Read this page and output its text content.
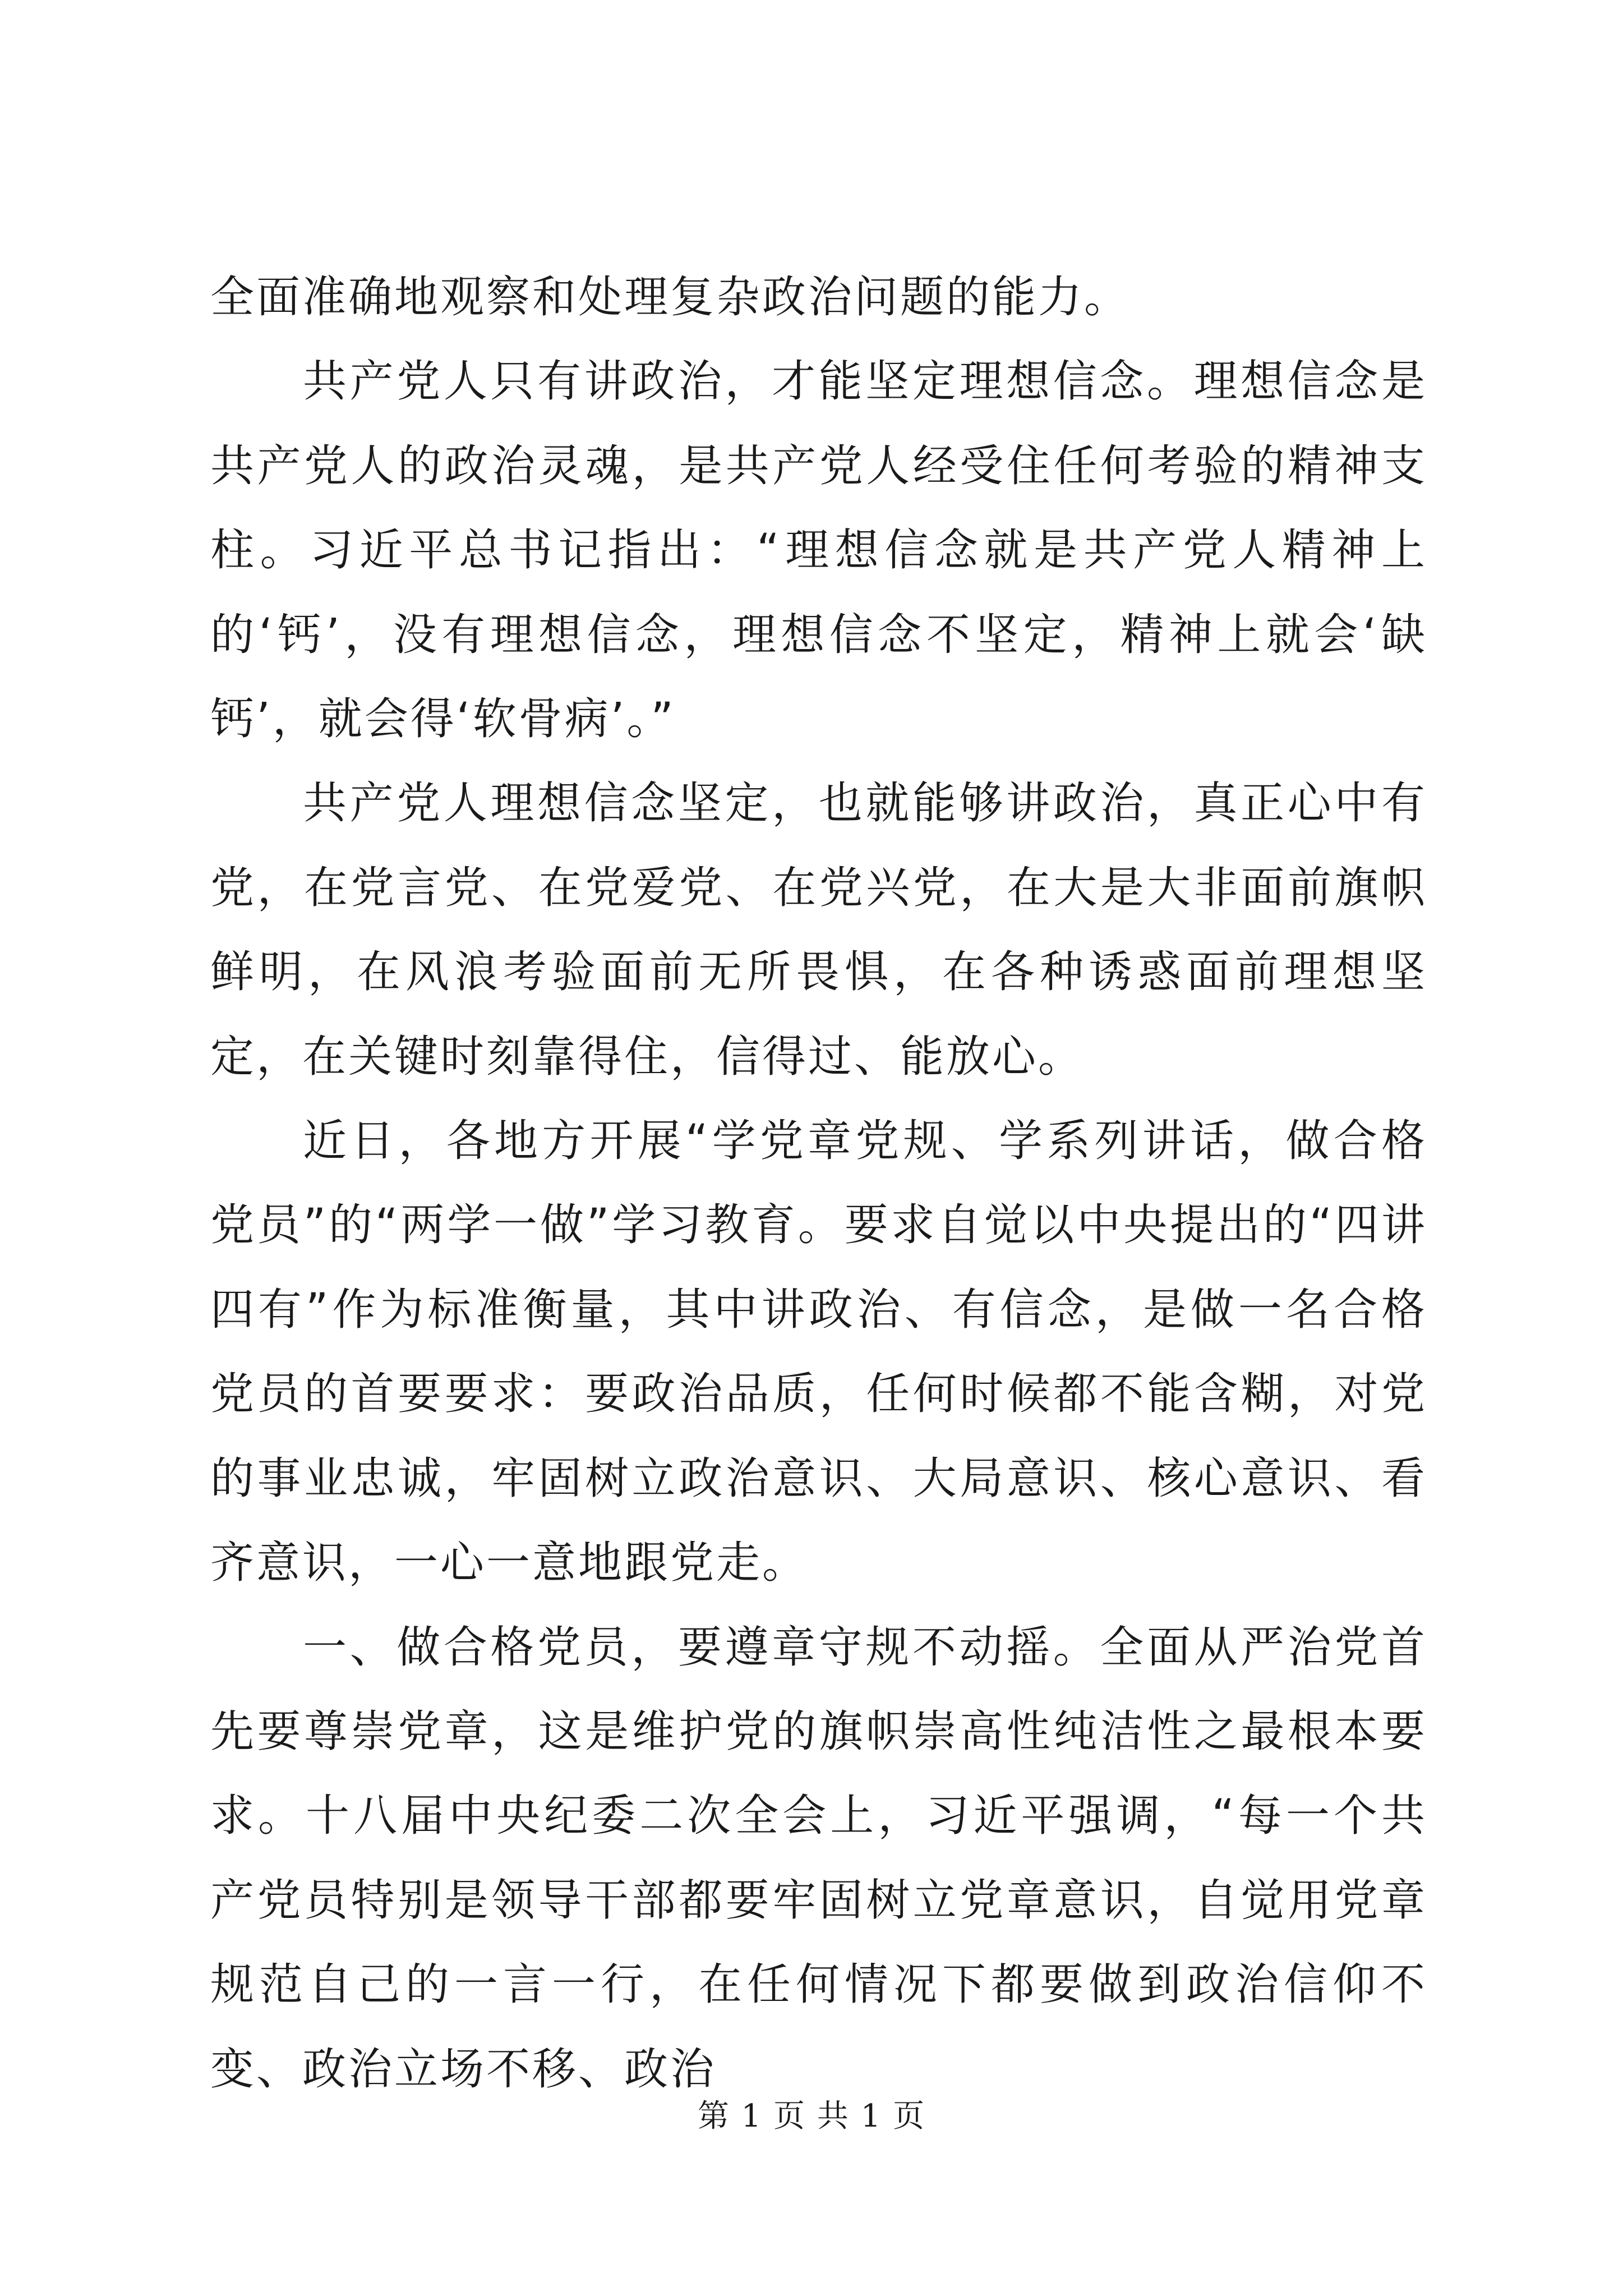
全面准确地观察和处理复杂政治问题的能力。

共产党人只有讲政治，才能坚定理想信念。理想信念是共产党人的政治灵魂，是共产党人经受住任何考验的精神支柱。习近平总书记指出：“理想信念就是共产党人精神上的‘钙’，没有理想信念，理想信念不坚定，精神上就会‘缺钙’，就会得‘软骨病’。”

共产党人理想信念坚定，也就能够讲政治，真正心中有党，在党言党、在党爱党、在党兴党，在大是大非面前旗帜鲜明，在风浪考验面前无所畏惧，在各种诱惑面前理想坚定，在关键时刻靠得住，信得过、能放心。

近日，各地方开展“学党章党规、学系列讲话，做合格党员”的“两学一做”学习教育。要求自觉以中央提出的“四讲四有”作为标准衡量，其中讲政治、有信念，是做一名合格党员的首要要求：要政治品质，任何时候都不能含糊，对党的事业忠诚，牢固树立政治意识、大局意识、核心意识、看齐意识，一心一意地跟党走。

一、做合格党员，要遵章守规不动摇。全面从严治党首先要尊崇党章，这是维护党的旗帜崇高性纯洁性之最根本要求。十八届中央纪委二次全会上，习近平强调，“每一个共产党员特别是领导干部都要牢固树立党章意识，自觉用党章规范自己的一言一行，在任何情况下都要做到政治信仰不变、政治立场不移、政治

第 1 页 共 1 页
